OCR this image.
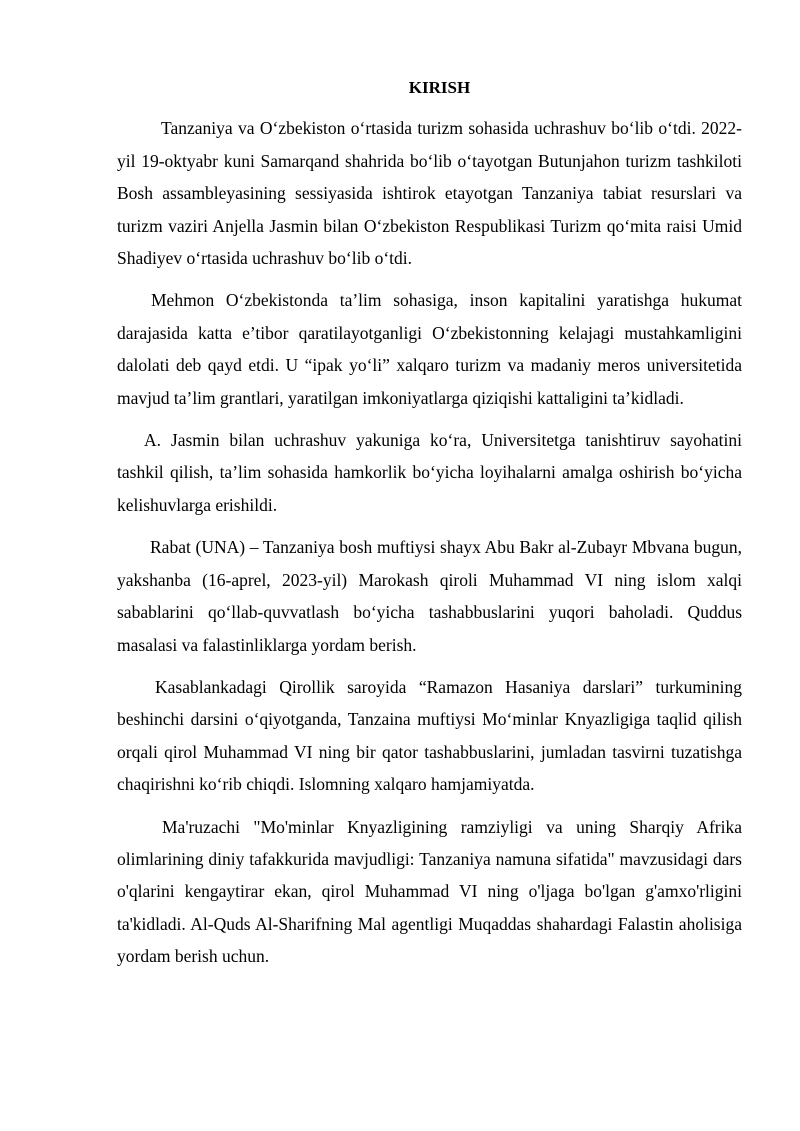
KIRISH

Tanzaniya va O‘zbekiston o‘rtasida turizm sohasida uchrashuv bo‘lib o‘tdi. 2022-yil 19-oktyabr kuni Samarqand shahrida bo‘lib o‘tayotgan Butunjahon turizm tashkiloti Bosh assambleyasining sessiyasida ishtirok etayotgan Tanzaniya tabiat resurslari va turizm vaziri Anjella Jasmin bilan O‘zbekiston Respublikasi Turizm qo‘mita raisi Umid Shadiyev o‘rtasida uchrashuv bo‘lib o‘tdi.

Mehmon O‘zbekistonda ta’lim sohasiga, inson kapitalini yaratishga hukumat darajasida katta e’tibor qaratilayotganligi O‘zbekistonning kelajagi mustahkamligini dalolati deb qayd etdi. U “ipak yo‘li” xalqaro turizm va madaniy meros universitetida mavjud ta’lim grantlari, yaratilgan imkoniyatlarga qiziqishi kattaligini ta’kidladi.

A. Jasmin bilan uchrashuv yakuniga ko‘ra, Universitetga tanishtiruv sayohatini tashkil qilish, ta’lim sohasida hamkorlik bo‘yicha loyihalarni amalga oshirish bo‘yicha kelishuvlarga erishildi.

Rabat (UNA) – Tanzaniya bosh muftiysi shayx Abu Bakr al-Zubayr Mbvana bugun, yakshanba (16-aprel, 2023-yil) Marokash qiroli Muhammad VI ning islom xalqi sabablarini qo‘llab-quvvatlash bo‘yicha tashabbuslarini yuqori baholadi. Quddus masalasi va falastinliklarga yordam berish.

Kasablankadagi Qirollik saroyida “Ramazon Hasaniya darslari” turkumining beshinchi darsini o‘qiyotganda, Tanzaina muftiysi Mo‘minlar Knyazligiga taqlid qilish orqali qirol Muhammad VI ning bir qator tashabbuslarini, jumladan tasvirni tuzatishga chaqirishni ko‘rib chiqdi. Islomning xalqaro hamjamiyatda.

Ma'ruzachi "Mo'minlar Knyazligining ramziyligi va uning Sharqiy Afrika olimlarining diniy tafakkurida mavjudligi: Tanzaniya namuna sifatida" mavzusidagi dars o'qlarini kengaytirar ekan, qirol Muhammad VI ning o'ljaga bo'lgan g'amxo'rligini ta'kidladi. Al-Quds Al-Sharifning Mal agentligi Muqaddas shahardagi Falastin aholisiga yordam berish uchun.
